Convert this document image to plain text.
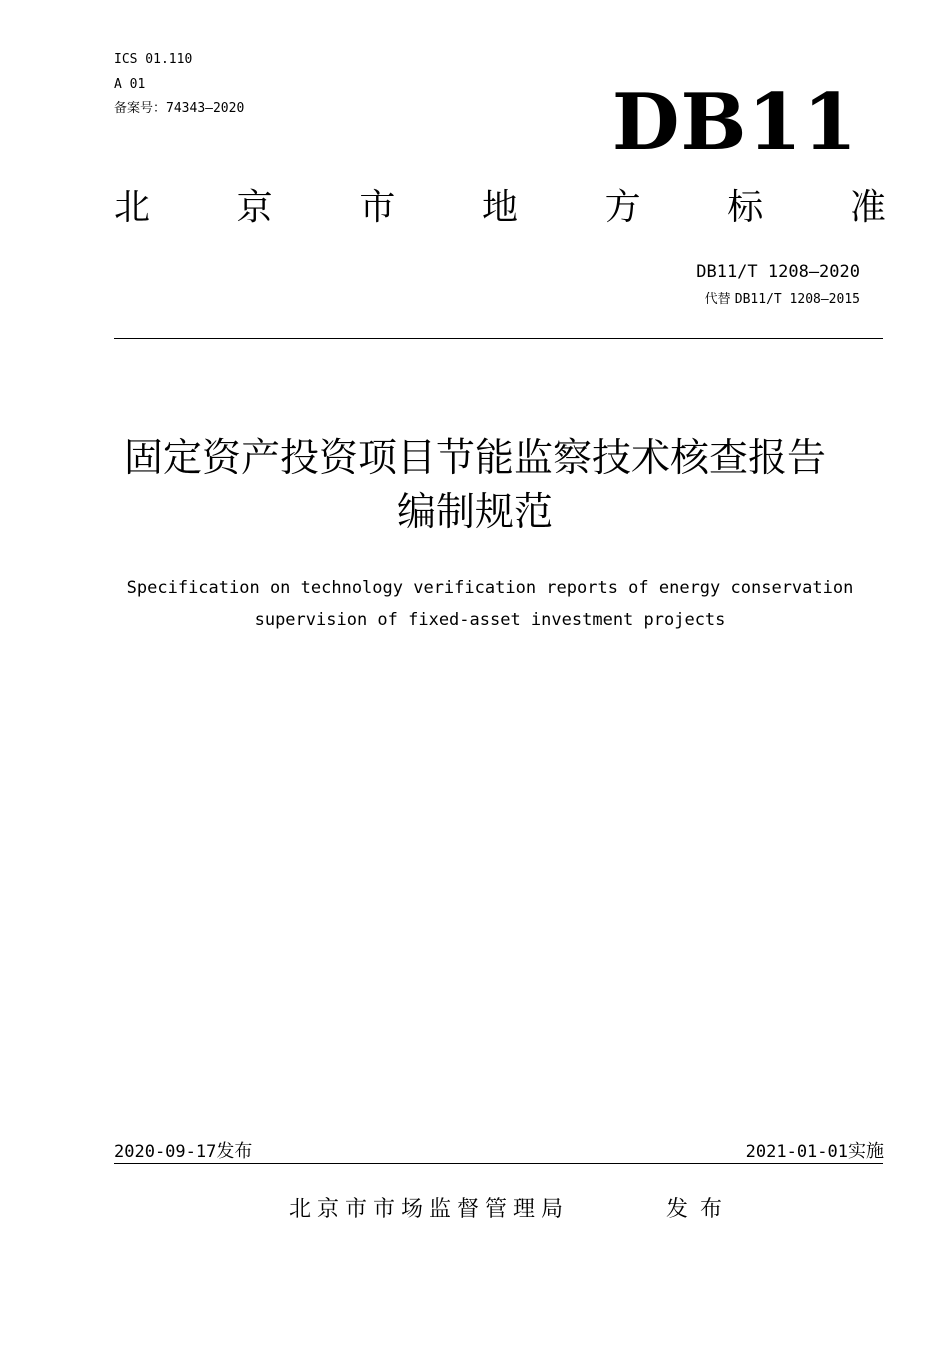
ICS 01.110
A 01
备案号：74343—2020	DB11
北 京 市 地 方 标 准
DB11/T 1208—2020
代替 DB11/T 1208—2015
固定资产投资项目节能监察技术核查报告
编制规范
Specification on technology verification reports of energy conservation
supervision of fixed-asset investment projects
2020-09-17发布	2021-01-01实施
北京市市场监督管理局	发布
